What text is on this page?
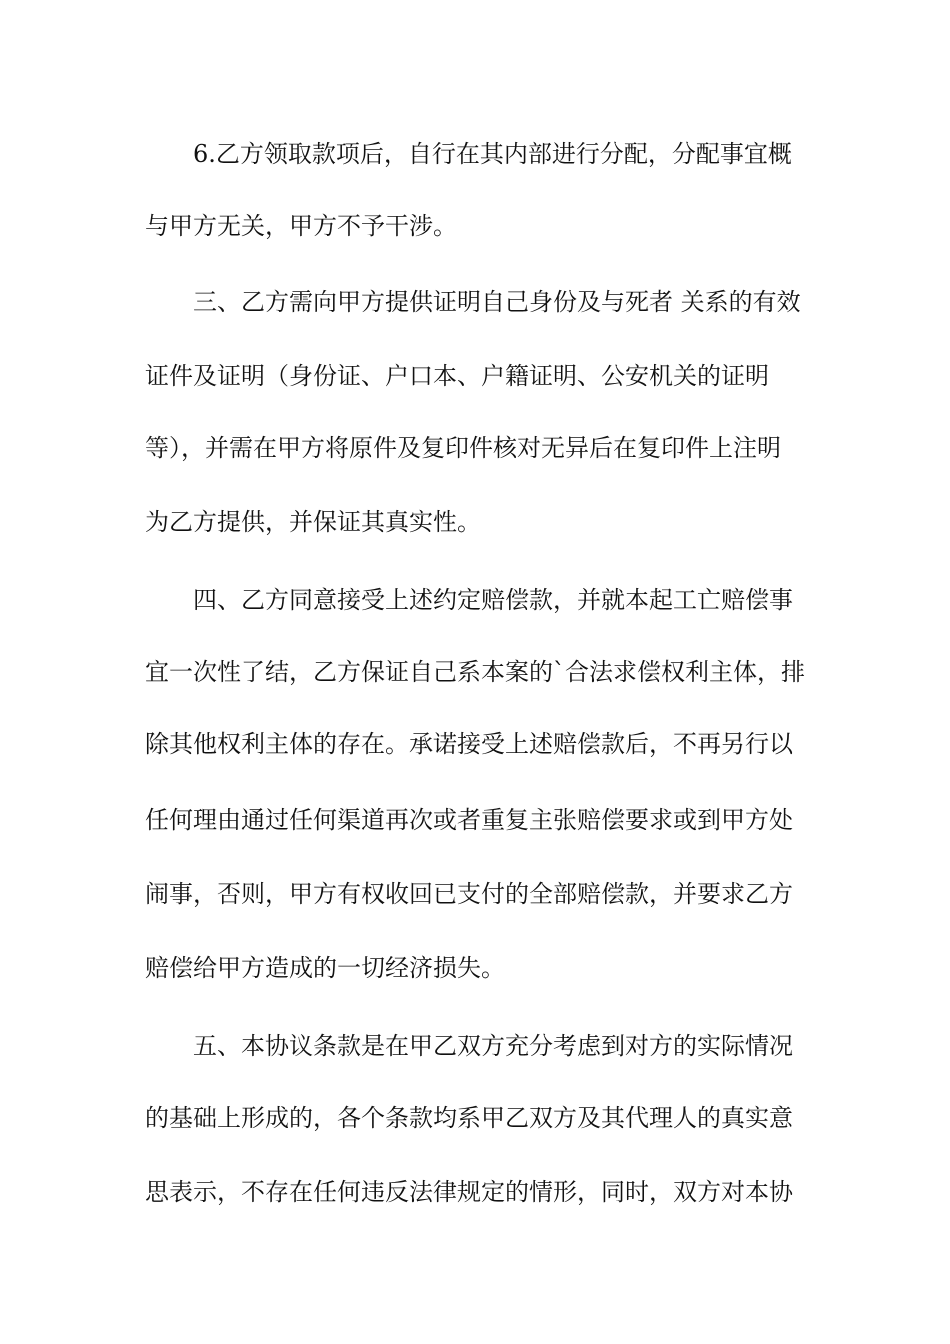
6.乙方领取款项后，自行在其内部进行分配，分配事宜概
与甲方无关，甲方不予干涉。
三、乙方需向甲方提供证明自己身份及与死者 关系的有效
证件及证明（身份证、户口本、户籍证明、公安机关的证明
等），并需在甲方将原件及复印件核对无异后在复印件上注明
为乙方提供，并保证其真实性。
四、乙方同意接受上述约定赔偿款，并就本起工亡赔偿事
宜一次性了结，乙方保证自己系本案的`合法求偿权利主体，排
除其他权利主体的存在。承诺接受上述赔偿款后，不再另行以
任何理由通过任何渠道再次或者重复主张赔偿要求或到甲方处
闹事，否则，甲方有权收回已支付的全部赔偿款，并要求乙方
赔偿给甲方造成的一切经济损失。
五、本协议条款是在甲乙双方充分考虑到对方的实际情况
的基础上形成的，各个条款均系甲乙双方及其代理人的真实意
思表示，不存在任何违反法律规定的情形，同时，双方对本协
